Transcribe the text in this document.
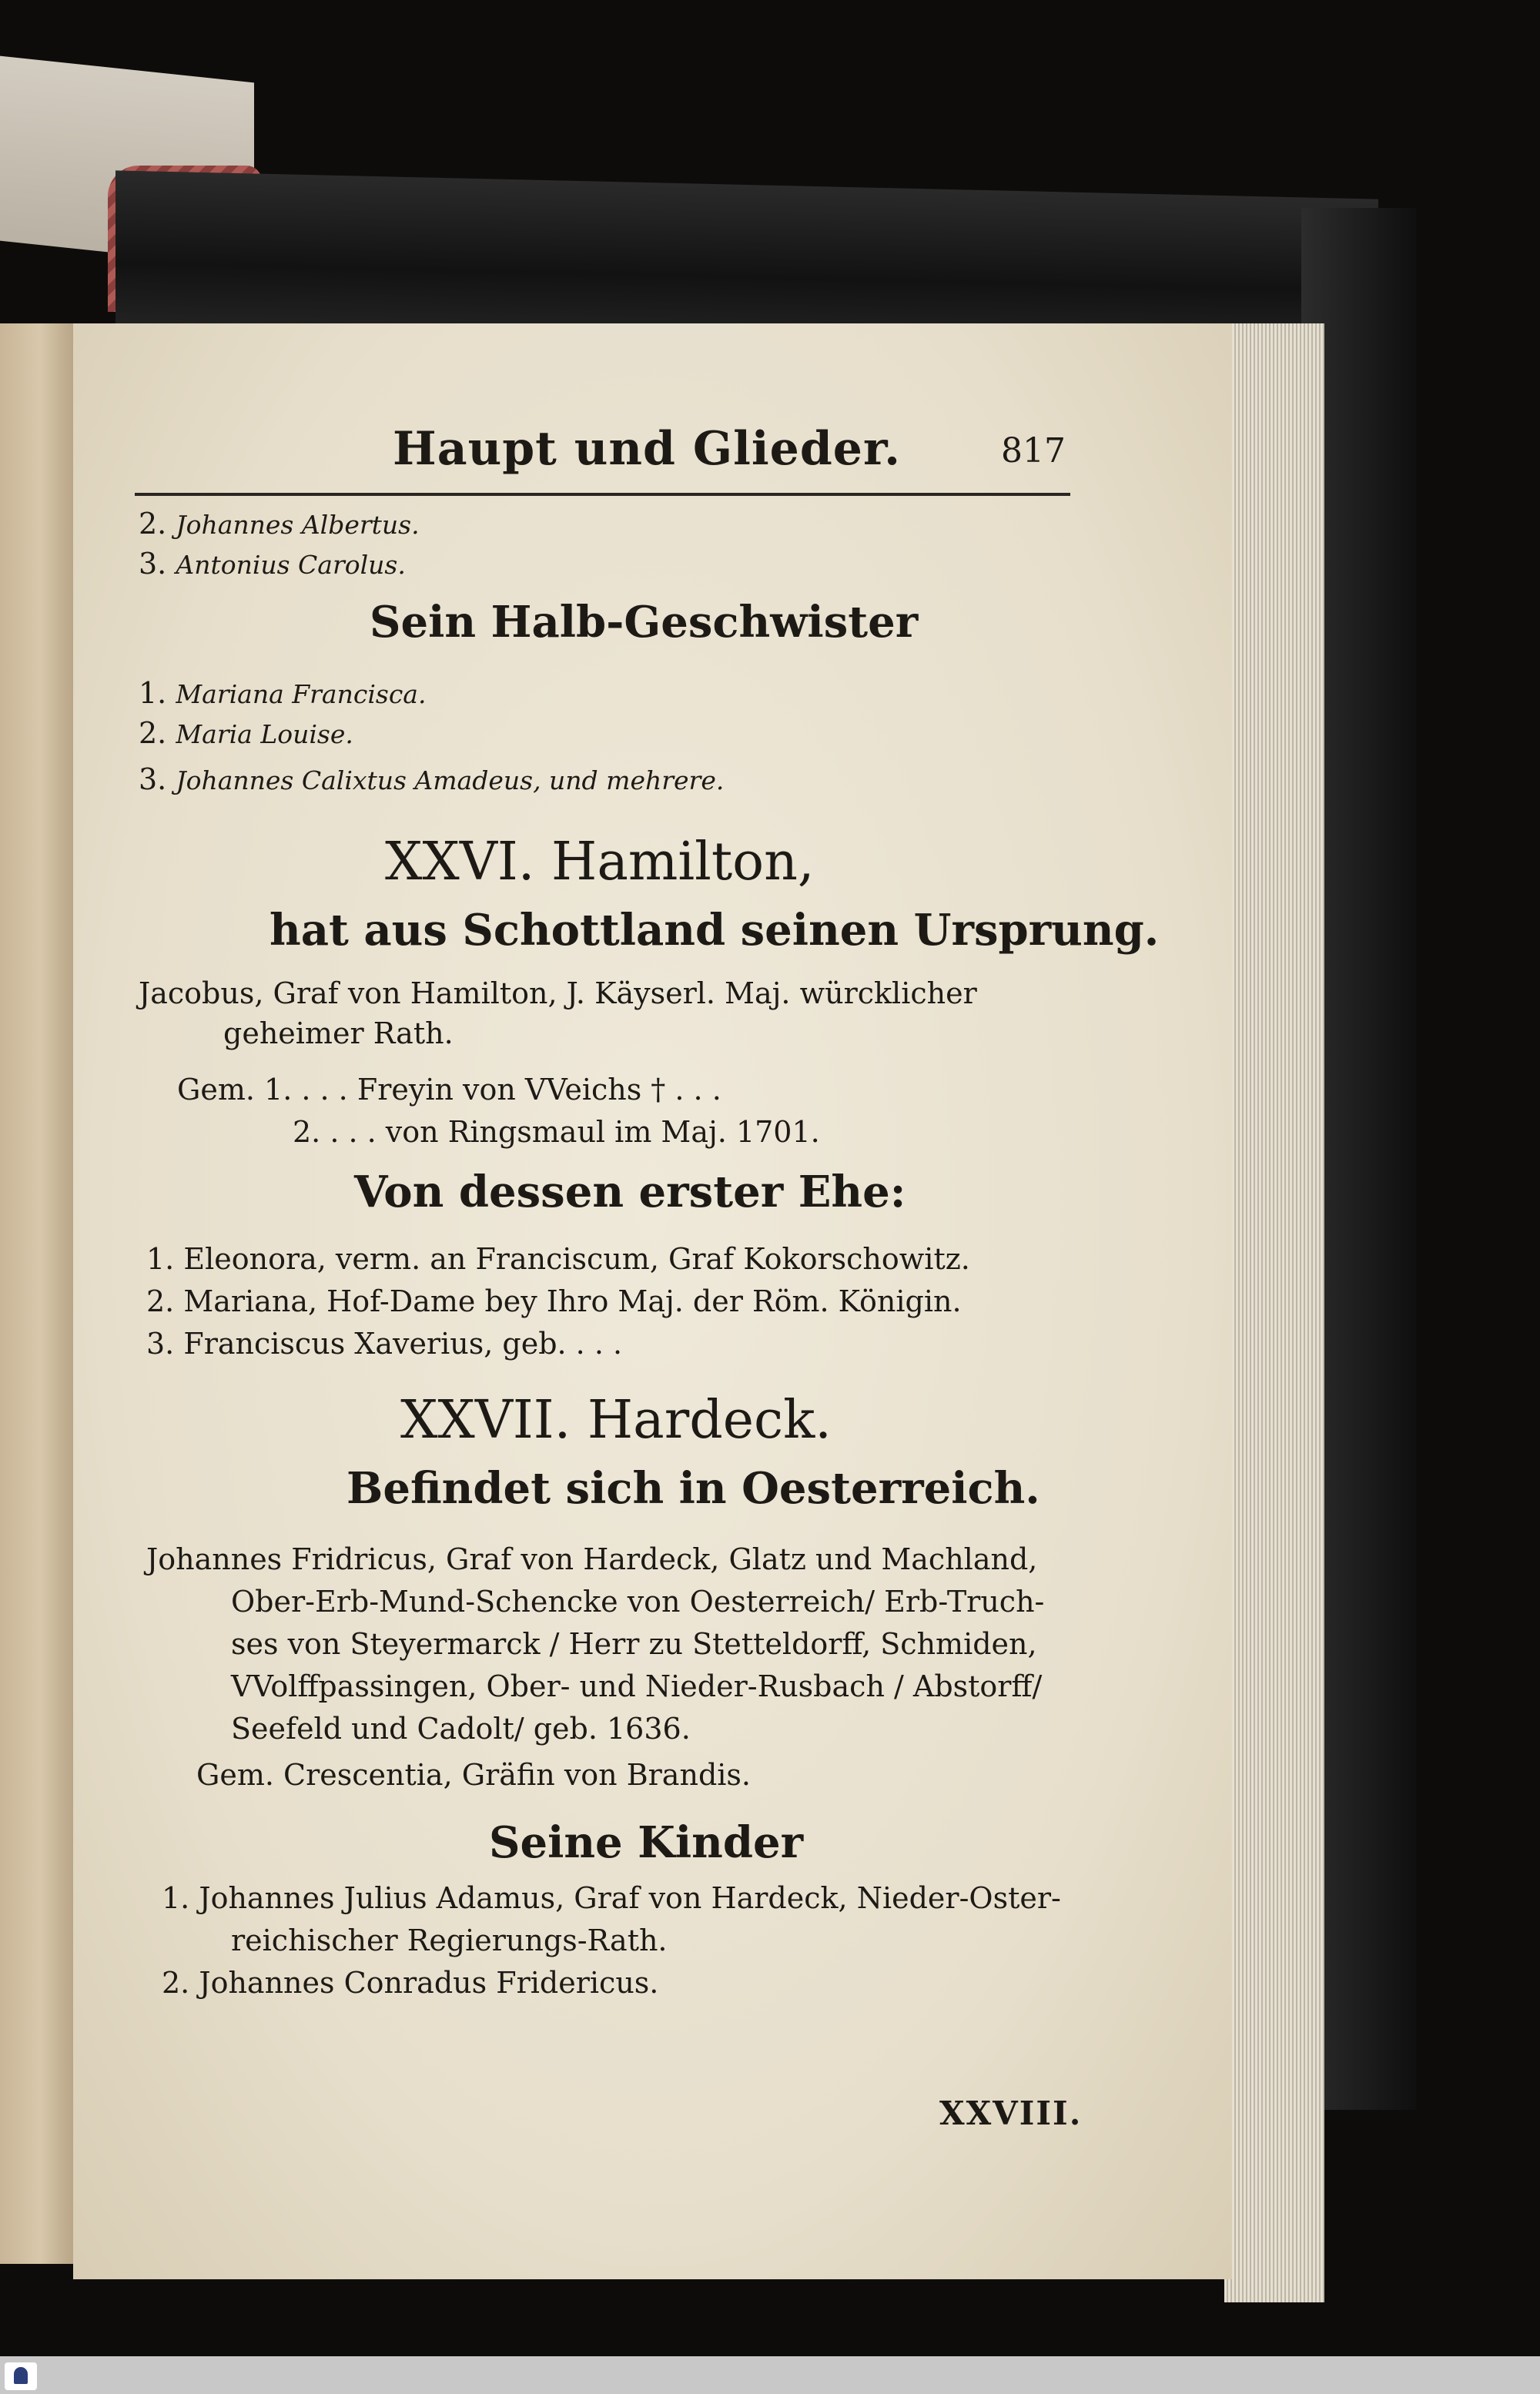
Haupt und Glieder.	817
2. Johannes Albertus.
3. Antonius Carolus.
Sein Halb-Geschwister
1. Mariana Francisca.
2. Maria Louise.
3. Johannes Calixtus Amadeus, und mehrere.
XXVI. Hamilton,
hat aus Schottland seinen Ursprung.
Jacobus, Graf von Hamilton, J. Käyserl. Maj. würcklicher
geheimer Rath.
Gem. 1. . . . Freyin von VVeichs † . . .
2. . . . von Ringsmaul im Maj. 1701.
Von dessen erster Ehe:
1. Eleonora, verm. an Franciscum, Graf Kokorschowitz.
2. Mariana, Hof-Dame bey Ihro Maj. der Röm. Königin.
3. Franciscus Xaverius, geb. . . .
XXVII. Hardeck.
Befindet sich in Oesterreich.
Johannes Fridricus, Graf von Hardeck, Glatz und Machland,
Ober-Erb-Mund-Schencke von Oesterreich/ Erb-Truch-
ses von Steyermarck / Herr zu Stetteldorff, Schmiden,
VVolffpassingen, Ober- und Nieder-Rusbach / Abstorff/
Seefeld und Cadolt/ geb. 1636.
Gem. Crescentia, Gräfin von Brandis.
Seine Kinder
1. Johannes Julius Adamus, Graf von Hardeck, Nieder-Oster-
reichischer Regierungs-Rath.
2. Johannes Conradus Fridericus.
XXVIII.
